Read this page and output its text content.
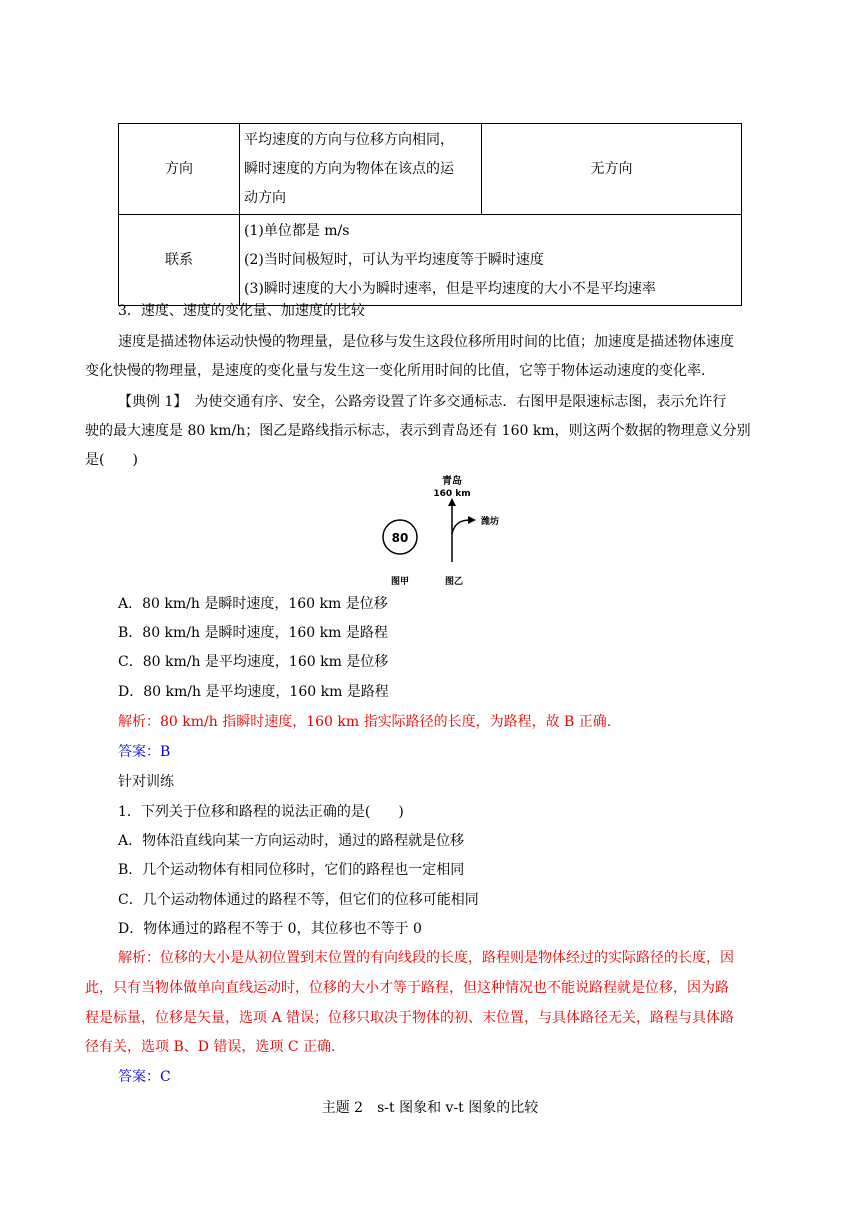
方向	平均速度的方向与位移方向相同，
瞬时速度的方向为物体在该点的运
动方向	无方向
联系	(1)单位都是 m/s
(2)当时间极短时，可认为平均速度等于瞬时速度
(3)瞬时速度的大小为瞬时速率，但是平均速度的大小不是平均速率	
3．速度、速度的变化量、加速度的比较
速度是描述物体运动快慢的物理量，是位移与发生这段位移所用时间的比值；加速度是描述物体速度
变化快慢的物理量，是速度的变化量与发生这一变化所用时间的比值，它等于物体运动速度的变化率．
【典例 1】　为使交通有序、安全，公路旁设置了许多交通标志．右图甲是限速标志图，表示允许行
驶的最大速度是 80 km/h；图乙是路线指示标志，表示到青岛还有 160 km，则这两个数据的物理意义分别
是(　　)
80
青岛
160 km
潍坊
图甲	图乙
A．80 km/h 是瞬时速度，160 km 是位移
B．80 km/h 是瞬时速度，160 km 是路程
C．80 km/h 是平均速度，160 km 是位移
D．80 km/h 是平均速度，160 km 是路程
解析：80 km/h 指瞬时速度，160 km 指实际路径的长度，为路程，故 B 正确.
答案：B
针对训练
1．下列关于位移和路程的说法正确的是(　　)
A．物体沿直线向某一方向运动时，通过的路程就是位移
B．几个运动物体有相同位移时，它们的路程也一定相同
C．几个运动物体通过的路程不等，但它们的位移可能相同
D．物体通过的路程不等于 0，其位移也不等于 0
解析：位移的大小是从初位置到末位置的有向线段的长度，路程则是物体经过的实际路径的长度，因
此，只有当物体做单向直线运动时，位移的大小才等于路程，但这种情况也不能说路程就是位移，因为路
程是标量，位移是矢量，选项 A 错误；位移只取决于物体的初、末位置，与具体路径无关，路程与具体路
径有关，选项 B、D 错误，选项 C 正确.
答案：C
主题 2　s-t 图象和 v-t 图象的比较
